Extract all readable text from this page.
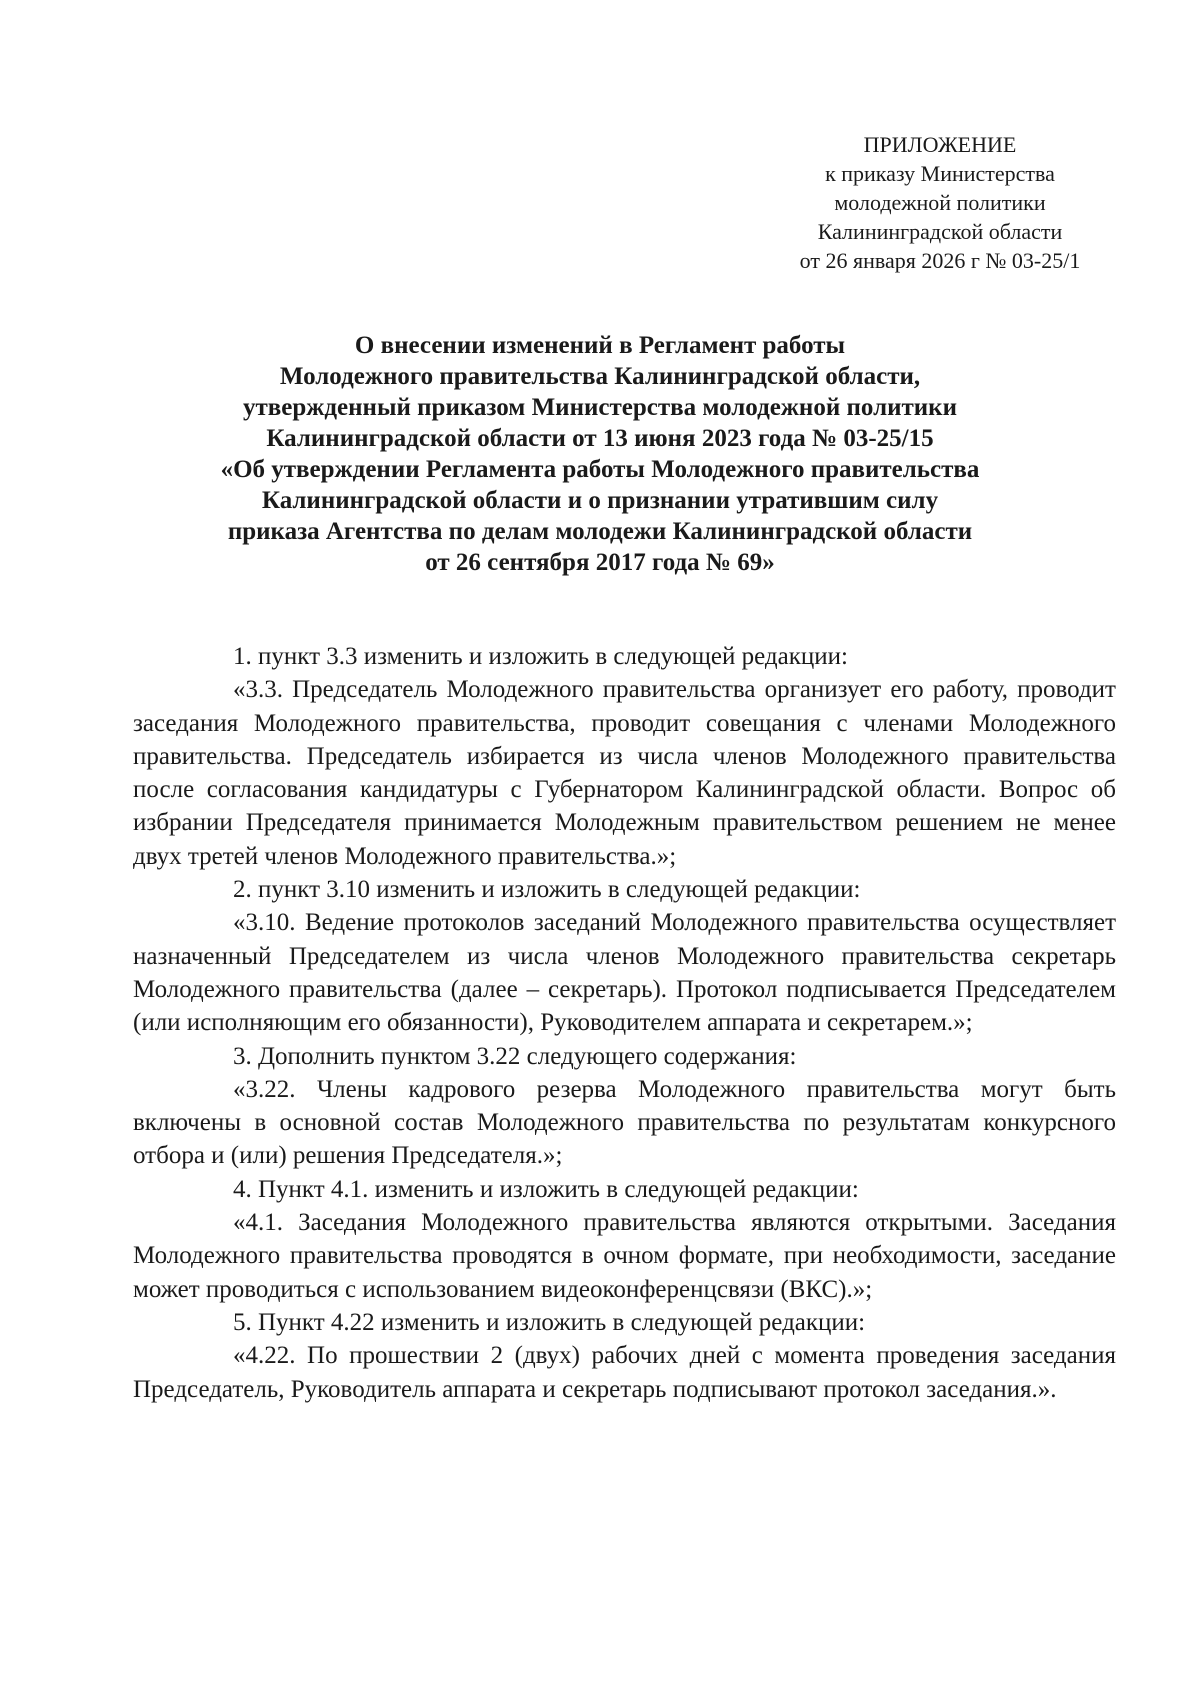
ПРИЛОЖЕНИЕ
к приказу Министерства
молодежной политики
Калининградской области
от 26 января 2026 г № 03-25/1
О внесении изменений в Регламент работы
Молодежного правительства Калининградской области,
утвержденный приказом Министерства молодежной политики
Калининградской области от 13 июня 2023 года № 03-25/15
«Об утверждении Регламента работы Молодежного правительства
Калининградской области и о признании утратившим силу
приказа Агентства по делам молодежи Калининградской области
от 26 сентября 2017 года № 69»

1. пункт 3.3 изменить и изложить в следующей редакции:

«3.3. Председатель Молодежного правительства организует его работу, проводит заседания Молодежного правительства, проводит совещания с членами Молодежного правительства. Председатель избирается из числа членов Молодежного правительства после согласования кандидатуры с Губернатором Калининградской области. Вопрос об избрании Председателя принимается Молодежным правительством решением не менее двух третей членов Молодежного правительства.»;

2. пункт 3.10 изменить и изложить в следующей редакции:

«3.10. Ведение протоколов заседаний Молодежного правительства осуществляет назначенный Председателем из числа членов Молодежного правительства секретарь Молодежного правительства (далее – секретарь). Протокол подписывается Председателем (или исполняющим его обязанности), Руководителем аппарата и секретарем.»;

3. Дополнить пунктом 3.22 следующего содержания:

«3.22. Члены кадрового резерва Молодежного правительства могут быть включены в основной состав Молодежного правительства по результатам конкурсного отбора и (или) решения Председателя.»;

4. Пункт 4.1. изменить и изложить в следующей редакции:

«4.1. Заседания Молодежного правительства являются открытыми. Заседания Молодежного правительства проводятся в очном формате, при необходимости, заседание может проводиться с использованием видеоконференцсвязи (ВКС).»;

5. Пункт 4.22 изменить и изложить в следующей редакции:

«4.22. По прошествии 2 (двух) рабочих дней с момента проведения заседания Председатель, Руководитель аппарата и секретарь подписывают протокол заседания.».
